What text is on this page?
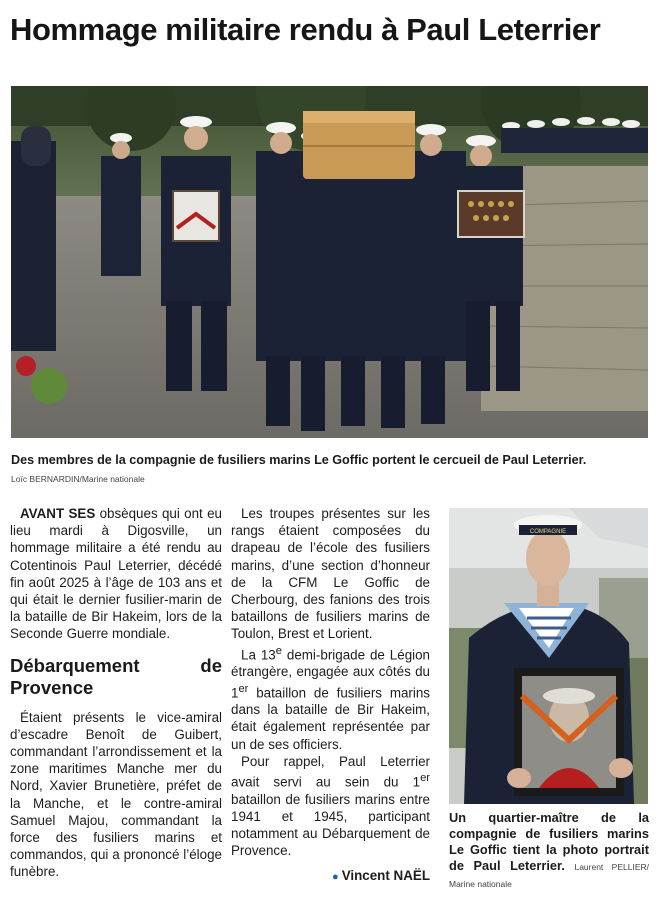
Hommage militaire rendu à Paul Leterrier
Des membres de la compagnie de fusiliers marins Le Goffic portent le cercueil de Paul Leterrier.
Loïc BERNARDIN/Marine nationale

AVANT SES obsèques qui ont eu lieu mardi à Digosville, un hommage militaire a été rendu au Cotentinois Paul Leterrier, décédé fin août 2025 à l’âge de 103 ans et qui était le dernier fusilier-marin de la bataille de Bir Hakeim, lors de la Seconde Guerre mondiale.

Débarquement de Provence

Étaient présents le vice-amiral d’escadre Benoît de Guibert, commandant l’arrondissement et la zone maritimes Manche mer du Nord, Xavier Brunetière, préfet de la Manche, et le contre-amiral Samuel Majou, commandant la force des fusiliers marins et commandos, qui a prononcé l’éloge funèbre.

Les troupes présentes sur les rangs étaient composées du drapeau de l’école des fusiliers marins, d’une section d’honneur de la CFM Le Goffic de Cherbourg, des fanions des trois bataillons de fusiliers marins de Toulon, Brest et Lorient.

La 13e demi-brigade de Légion étrangère, engagée aux côtés du 1er bataillon de fusiliers marins dans la bataille de Bir Hakeim, était également représentée par un de ses officiers.

Pour rappel, Paul Leterrier avait servi au sein du 1er bataillon de fusiliers marins entre 1941 et 1945, participant notamment au Débarquement de Provence.

● Vincent NAËL
COMPAGNIE
Un quartier-maître de la compagnie de fusiliers marins Le Goffic tient la photo portrait de Paul Leterrier. Laurent PELLIER/ Marine nationale
